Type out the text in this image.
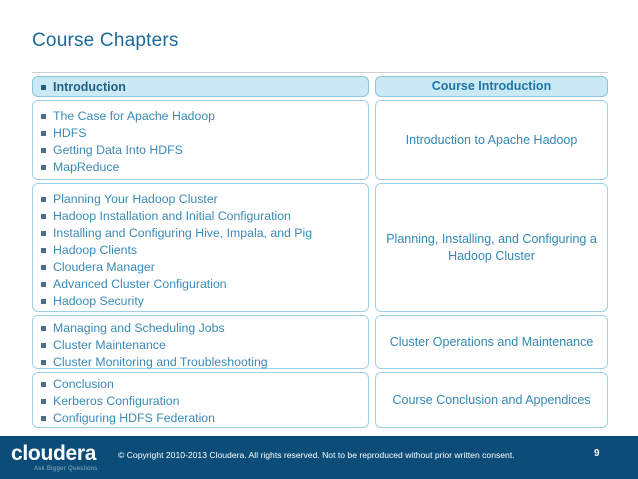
Course Chapters
Introduction	Course Introduction
The Case for Apache Hadoop
HDFS
Getting Data Into HDFS
MapReduce
Introduction to Apache Hadoop
Planning Your Hadoop Cluster
Hadoop Installation and Initial Configuration
Installing and Configuring Hive, Impala, and Pig
Hadoop Clients
Cloudera Manager
Advanced Cluster Configuration
Hadoop Security
Planning, Installing, and Configuring a Hadoop Cluster
Managing and Scheduling Jobs
Cluster Maintenance
Cluster Monitoring and Troubleshooting
Cluster Operations and Maintenance
Conclusion
Kerberos Configuration
Configuring HDFS Federation
Course Conclusion and Appendices
cloudera
Ask Bigger Questions
© Copyright 2010-2013 Cloudera. All rights reserved. Not to be reproduced without prior written consent.	9
